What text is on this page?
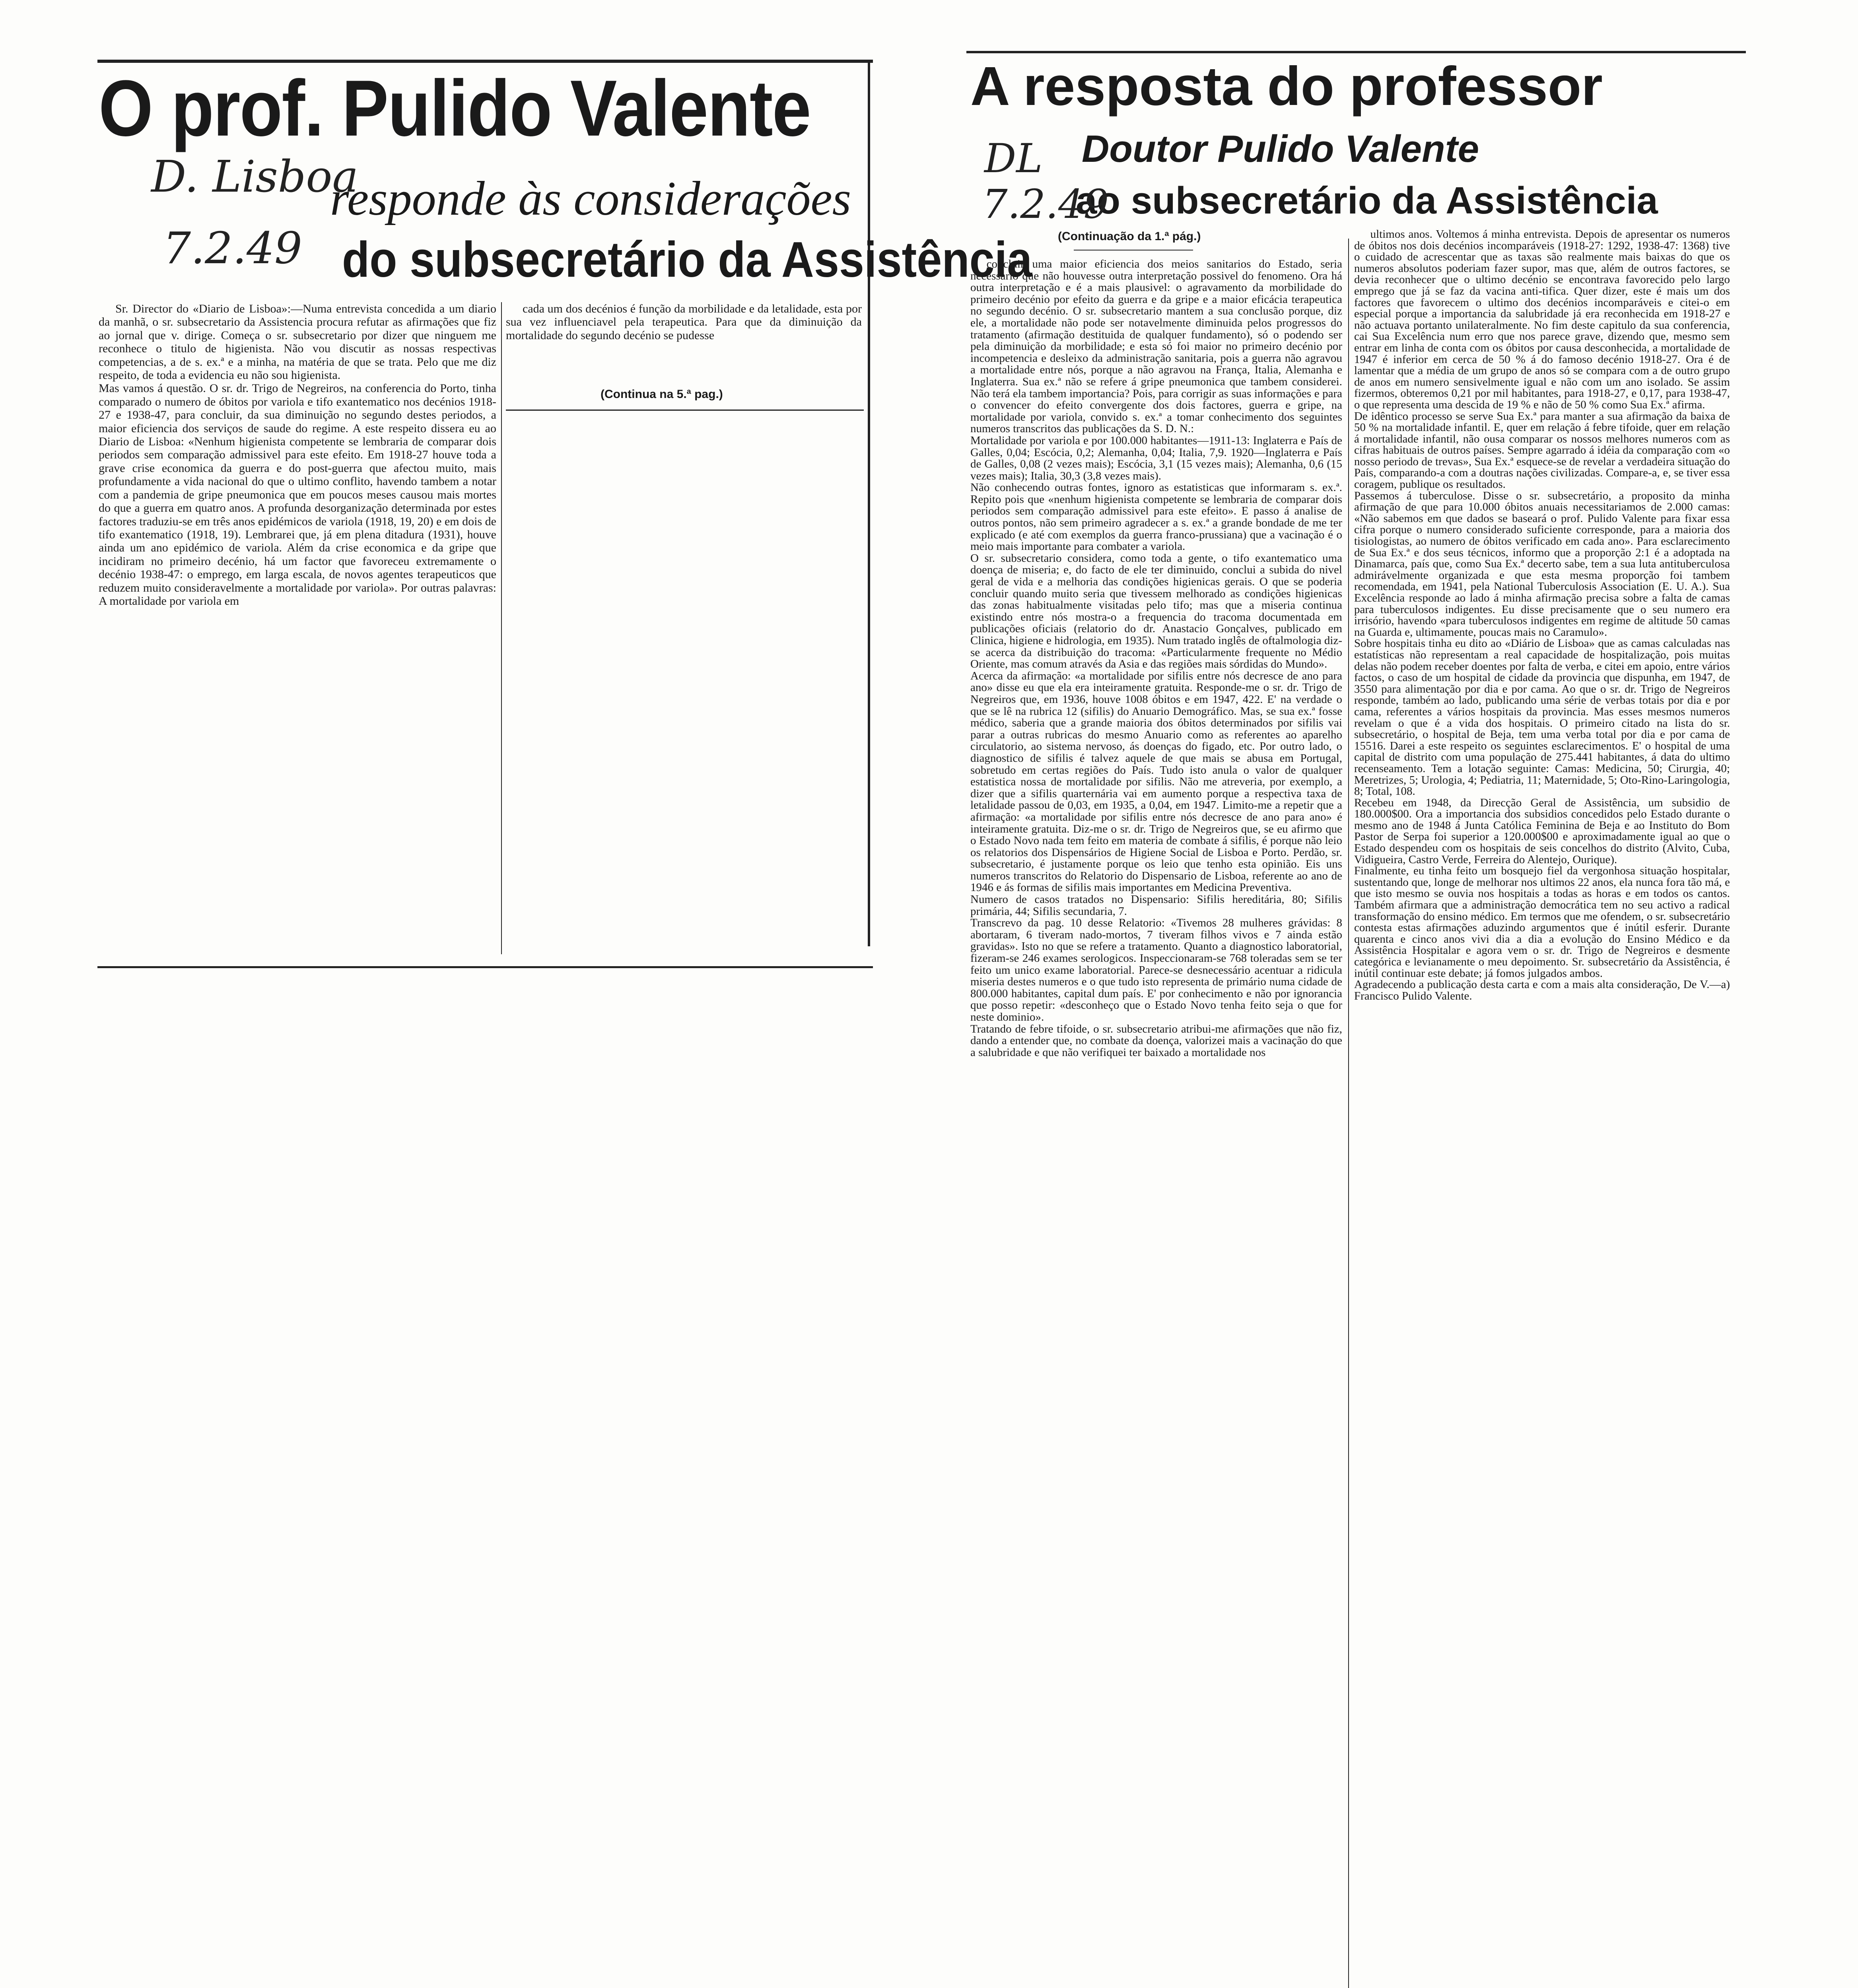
O prof. Pulido Valente
responde às considerações
do subsecretário da Assistência
D. Lisboa
7.2.49

Sr. Director do «Diario de Lisboa»:—Numa entrevista concedida a um diario da manhã, o sr. subsecretario da Assistencia procura refutar as afirmações que fiz ao jornal que v. dirige. Começa o sr. subsecretario por dizer que ninguem me reconhece o titulo de higienista. Não vou discutir as nossas respectivas competencias, a de s. ex.ª e a minha, na matéria de que se trata. Pelo que me diz respeito, de toda a evidencia eu não sou higienista.
Mas vamos á questão. O sr. dr. Trigo de Negreiros, na conferencia do Porto, tinha comparado o numero de óbitos por variola e tifo exantematico nos decénios 1918-27 e 1938-47, para concluir, da sua diminuição no segundo destes periodos, a maior eficiencia dos serviços de saude do regime. A este respeito dissera eu ao Diario de Lisboa: «Nenhum higienista competente se lembraria de comparar dois periodos sem comparação admissivel para este efeito. Em 1918-27 houve toda a grave crise economica da guerra e do post-guerra que afectou muito, mais profundamente a vida nacional do que o ultimo conflito, havendo tambem a notar com a pandemia de gripe pneumonica que em poucos meses causou mais mortes do que a guerra em quatro anos. A profunda desorganização determinada por estes factores traduziu-se em três anos epidémicos de variola (1918, 19, 20) e em dois de tifo exantematico (1918, 19). Lembrarei que, já em plena ditadura (1931), houve ainda um ano epidémico de variola. Além da crise economica e da gripe que incidiram no primeiro decénio, há um factor que favoreceu extremamente o decénio 1938-47: o emprego, em larga escala, de novos agentes terapeuticos que reduzem muito consideravelmente a mortalidade por variola». Por outras palavras: A mortalidade por variola em

cada um dos decénios é função da morbilidade e da letalidade, esta por sua vez influenciavel pela terapeutica. Para que da diminuição da mortalidade do segundo decénio se pudesse

(Continua na 5.ª pag.)
A resposta do professor
Doutor Pulido Valente
ao subsecretário da Assistência
DL
7.2.49
(Continuação da 1.ª pág.)

concluir uma maior eficiencia dos meios sanitarios do Estado, seria necessario que não houvesse outra interpretação possivel do fenomeno. Ora há outra interpretação e é a mais plausivel: o agravamento da morbilidade do primeiro decénio por efeito da guerra e da gripe e a maior eficácia terapeutica no segundo decénio. O sr. subsecretario mantem a sua conclusão porque, diz ele, a mortalidade não pode ser notavelmente diminuida pelos progressos do tratamento (afirmação destituida de qualquer fundamento), só o podendo ser pela diminuição da morbilidade; e esta só foi maior no primeiro decénio por incompetencia e desleixo da administração sanitaria, pois a guerra não agravou a mortalidade entre nós, porque a não agravou na França, Italia, Alemanha e Inglaterra. Sua ex.ª não se refere á gripe pneumonica que tambem considerei. Não terá ela tambem importancia? Pois, para corrigir as suas informações e para o convencer do efeito convergente dos dois factores, guerra e gripe, na mortalidade por variola, convido s. ex.ª a tomar conhecimento dos seguintes numeros transcritos das publicações da S. D. N.:
Mortalidade por variola e por 100.000 habitantes—1911-13: Inglaterra e País de Galles, 0,04; Escócia, 0,2; Alemanha, 0,04; Italia, 7,9. 1920—Inglaterra e País de Galles, 0,08 (2 vezes mais); Escócia, 3,1 (15 vezes mais); Alemanha, 0,6 (15 vezes mais); Italia, 30,3 (3,8 vezes mais).
Não conhecendo outras fontes, ignoro as estatisticas que informaram s. ex.ª. Repito pois que «nenhum higienista competente se lembraria de comparar dois periodos sem comparação admissivel para este efeito». E passo á analise de outros pontos, não sem primeiro agradecer a s. ex.ª a grande bondade de me ter explicado (e até com exemplos da guerra franco-prussiana) que a vacinação é o meio mais importante para combater a variola.
O sr. subsecretario considera, como toda a gente, o tifo exantematico uma doença de miseria; e, do facto de ele ter diminuido, conclui a subida do nivel geral de vida e a melhoria das condições higienicas gerais. O que se poderia concluir quando muito seria que tivessem melhorado as condições higienicas das zonas habitualmente visitadas pelo tifo; mas que a miseria continua existindo entre nós mostra-o a frequencia do tracoma documentada em publicações oficiais (relatorio do dr. Anastacio Gonçalves, publicado em Clinica, higiene e hidrologia, em 1935). Num tratado inglês de oftalmologia diz-se acerca da distribuição do tracoma: «Particularmente frequente no Médio Oriente, mas comum através da Asia e das regiões mais sórdidas do Mundo».
Acerca da afirmação: «a mortalidade por sifilis entre nós decresce de ano para ano» disse eu que ela era inteiramente gratuita. Responde-me o sr. dr. Trigo de Negreiros que, em 1936, houve 1008 óbitos e em 1947, 422. E' na verdade o que se lê na rubrica 12 (sifilis) do Anuario Demográfico. Mas, se sua ex.ª fosse médico, saberia que a grande maioria dos óbitos determinados por sifilis vai parar a outras rubricas do mesmo Anuario como as referentes ao aparelho circulatorio, ao sistema nervoso, ás doenças do figado, etc. Por outro lado, o diagnostico de sifilis é talvez aquele de que mais se abusa em Portugal, sobretudo em certas regiões do País. Tudo isto anula o valor de qualquer estatistica nossa de mortalidade por sifilis. Não me atreveria, por exemplo, a dizer que a sifilis quarternária vai em aumento porque a respectiva taxa de letalidade passou de 0,03, em 1935, a 0,04, em 1947. Limito-me a repetir que a afirmação: «a mortalidade por sifilis entre nós decresce de ano para ano» é inteiramente gratuita. Diz-me o sr. dr. Trigo de Negreiros que, se eu afirmo que o Estado Novo nada tem feito em materia de combate á sifilis, é porque não leio os relatorios dos Dispensários de Higiene Social de Lisboa e Porto. Perdão, sr. subsecretario, é justamente porque os leio que tenho esta opinião. Eis uns numeros transcritos do Relatorio do Dispensario de Lisboa, referente ao ano de 1946 e ás formas de sifilis mais importantes em Medicina Preventiva.
Numero de casos tratados no Dispensario: Sifilis hereditária, 80; Sifilis primária, 44; Sifilis secundaria, 7.
Transcrevo da pag. 10 desse Relatorio: «Tivemos 28 mulheres grávidas: 8 abortaram, 6 tiveram nado-mortos, 7 tiveram filhos vivos e 7 ainda estão gravidas». Isto no que se refere a tratamento. Quanto a diagnostico laboratorial, fizeram-se 246 exames serologicos. Inspeccionaram-se 768 toleradas sem se ter feito um unico exame laboratorial. Parece-se desnecessário acentuar a ridicula miseria destes numeros e o que tudo isto representa de primário numa cidade de 800.000 habitantes, capital dum país. E' por conhecimento e não por ignorancia que posso repetir: «desconheço que o Estado Novo tenha feito seja o que for neste dominio».
Tratando de febre tifoide, o sr. subsecretario atribui-me afirmações que não fiz, dando a entender que, no combate da doença, valorizei mais a vacinação do que a salubridade e que não verifiquei ter baixado a mortalidade nos

ultimos anos. Voltemos á minha entrevista. Depois de apresentar os numeros de óbitos nos dois decénios incomparáveis (1918-27: 1292, 1938-47: 1368) tive o cuidado de acrescentar que as taxas são realmente mais baixas do que os numeros absolutos poderiam fazer supor, mas que, além de outros factores, se devia reconhecer que o ultimo decénio se encontrava favorecido pelo largo emprego que já se faz da vacina anti-tifica. Quer dizer, este é mais um dos factores que favorecem o ultimo dos decénios incomparáveis e citei-o em especial porque a importancia da salubridade já era reconhecida em 1918-27 e não actuava portanto unilateralmente. No fim deste capitulo da sua conferencia, cai Sua Excelência num erro que nos parece grave, dizendo que, mesmo sem entrar em linha de conta com os óbitos por causa desconhecida, a mortalidade de 1947 é inferior em cerca de 50 % á do famoso decénio 1918-27. Ora é de lamentar que a média de um grupo de anos só se compara com a de outro grupo de anos em numero sensivelmente igual e não com um ano isolado. Se assim fizermos, obteremos 0,21 por mil habitantes, para 1918-27, e 0,17, para 1938-47, o que representa uma descida de 19 % e não de 50 % como Sua Ex.ª afirma.
De idêntico processo se serve Sua Ex.ª para manter a sua afirmação da baixa de 50 % na mortalidade infantil. E, quer em relação á febre tifoide, quer em relação á mortalidade infantil, não ousa comparar os nossos melhores numeros com as cifras habituais de outros países. Sempre agarrado á idéia da comparação com «o nosso periodo de trevas», Sua Ex.ª esquece-se de revelar a verdadeira situação do País, comparando-a com a doutras nações civilizadas. Compare-a, e, se tiver essa coragem, publique os resultados.
Passemos á tuberculose. Disse o sr. subsecretário, a proposito da minha afirmação de que para 10.000 óbitos anuais necessitariamos de 2.000 camas: «Não sabemos em que dados se baseará o prof. Pulido Valente para fixar essa cifra porque o numero considerado suficiente corresponde, para a maioria dos tisiologistas, ao numero de óbitos verificado em cada ano». Para esclarecimento de Sua Ex.ª e dos seus técnicos, informo que a proporção 2:1 é a adoptada na Dinamarca, país que, como Sua Ex.ª decerto sabe, tem a sua luta antituberculosa admirávelmente organizada e que esta mesma proporção foi tambem recomendada, em 1941, pela National Tuberculosis Association (E. U. A.). Sua Excelência responde ao lado á minha afirmação precisa sobre a falta de camas para tuberculosos indigentes. Eu disse precisamente que o seu numero era irrisório, havendo «para tuberculosos indigentes em regime de altitude 50 camas na Guarda e, ultimamente, poucas mais no Caramulo».
Sobre hospitais tinha eu dito ao «Diário de Lisboa» que as camas calculadas nas estatísticas não representam a real capacidade de hospitalização, pois muitas delas não podem receber doentes por falta de verba, e citei em apoio, entre vários factos, o caso de um hospital de cidade da provincia que dispunha, em 1947, de 3550 para alimentação por dia e por cama. Ao que o sr. dr. Trigo de Negreiros responde, também ao lado, publicando uma série de verbas totais por dia e por cama, referentes a vários hospitais da provincia. Mas esses mesmos numeros revelam o que é a vida dos hospitais. O primeiro citado na lista do sr. subsecretário, o hospital de Beja, tem uma verba total por dia e por cama de 15516. Darei a este respeito os seguintes esclarecimentos. E' o hospital de uma capital de distrito com uma população de 275.441 habitantes, á data do ultimo recenseamento. Tem a lotação seguinte: Camas: Medicina, 50; Cirurgia, 40; Meretrizes, 5; Urologia, 4; Pediatria, 11; Maternidade, 5; Oto-Rino-Laringologia, 8; Total, 108.
Recebeu em 1948, da Direcção Geral de Assistência, um subsidio de 180.000$00. Ora a importancia dos subsidios concedidos pelo Estado durante o mesmo ano de 1948 á Junta Católica Feminina de Beja e ao Instituto do Bom Pastor de Serpa foi superior a 120.000$00 e aproximadamente igual ao que o Estado despendeu com os hospitais de seis concelhos do distrito (Alvito, Cuba, Vidigueira, Castro Verde, Ferreira do Alentejo, Ourique).
Finalmente, eu tinha feito um bosquejo fiel da vergonhosa situação hospitalar, sustentando que, longe de melhorar nos ultimos 22 anos, ela nunca fora tão má, e que isto mesmo se ouvia nos hospitais a todas as horas e em todos os cantos. Também afirmara que a administração democrática tem no seu activo a radical transformação do ensino médico. Em termos que me ofendem, o sr. subsecretário contesta estas afirmações aduzindo argumentos que é inútil esferir. Durante quarenta e cinco anos vivi dia a dia a evolução do Ensino Médico e da Assistência Hospitalar e agora vem o sr. dr. Trigo de Negreiros e desmente categórica e levianamente o meu depoimento. Sr. subsecretário da Assistência, é inútil continuar este debate; já fomos julgados ambos.
Agradecendo a publicação desta carta e com a mais alta consideração, De V.—a) Francisco Pulido Valente.
